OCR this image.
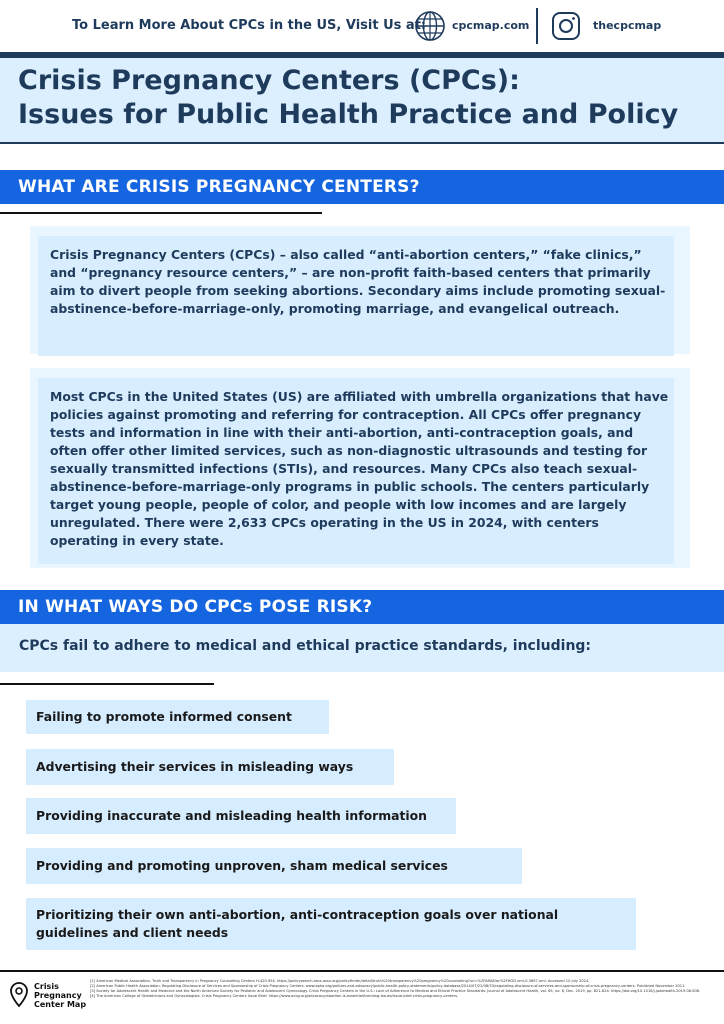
To Learn More About CPCs in the US, Visit Us at: cpcmap.com	thecpcmap
Crisis Pregnancy Centers (CPCs):
Issues for Public Health Practice and Policy
WHAT ARE CRISIS PREGNANCY CENTERS?

Crisis Pregnancy Centers (CPCs) – also called “anti-abortion centers,” “fake clinics,” and “pregnancy resource centers,” – are non-profit faith-based centers that primarily aim to divert people from seeking abortions. Secondary aims include promoting sexual-abstinence-before-marriage-only, promoting marriage, and evangelical outreach.

Most CPCs in the United States (US) are affiliated with umbrella organizations that have policies against promoting and referring for contraception. All CPCs offer pregnancy tests and information in line with their anti-abortion, anti-contraception goals, and often offer other limited services, such as non-diagnostic ultrasounds and testing for sexually transmitted infections (STIs), and resources. Many CPCs also teach sexual-abstinence-before-marriage-only programs in public schools. The centers particularly target young people, people of color, and people with low incomes and are largely unregulated. There were 2,633 CPCs operating in the US in 2024, with centers operating in every state.

IN WHAT WAYS DO CPCs POSE RISK?

CPCs fail to adhere to medical and ethical practice standards, including:

Failing to promote informed consent
Advertising their services in misleading ways
Providing inaccurate and misleading health information
Providing and promoting unproven, sham medical services
Prioritizing their own anti-abortion, anti-contraception goals over national guidelines and client needs
Crisis
Pregnancy
Center Map
[1] American Medical Association. Truth and Transparency in Pregnancy Counseling Centers H-420.954. https://policysearch.ama-assn.org/policyfinder/detail/truth%20transparency%20pregnancy%20counseling?uri=%2FAMADoc%2FHOD.xml-0-3697.xml. Accessed 10 July 2024.
[2] American Public Health Association. Regulating Disclosure of Services and Sponsorship of Crisis Pregnancy Centers. www.apha.org/policies-and-advocacy/public-health-policy-statements/policy-database/2014/07/22/08/33/regulating-disclosure-of-services-and-sponsorship-of-crisis-pregnancy-centers. Published November 2011.
[3] Society for Adolescent Health and Medicine and the North American Society for Pediatric and Adolescent Gynecology. Crisis Pregnancy Centers in the U.S.: Lack of Adherence to Medical and Ethical Practice Standards. Journal of Adolescent Health, vol. 65, no. 6, Dec. 2019, pp. 821-824. https://doi.org/10.1016/j.jadohealth.2019.08.008.
[4] The American College of Obstetricians and Gynecologists. Crisis Pregnancy Centers Issue Brief. https://www.acog.org/advocacy/abortion-is-essential/trending-issues/issue-brief-crisis-pregnancy-centers.
